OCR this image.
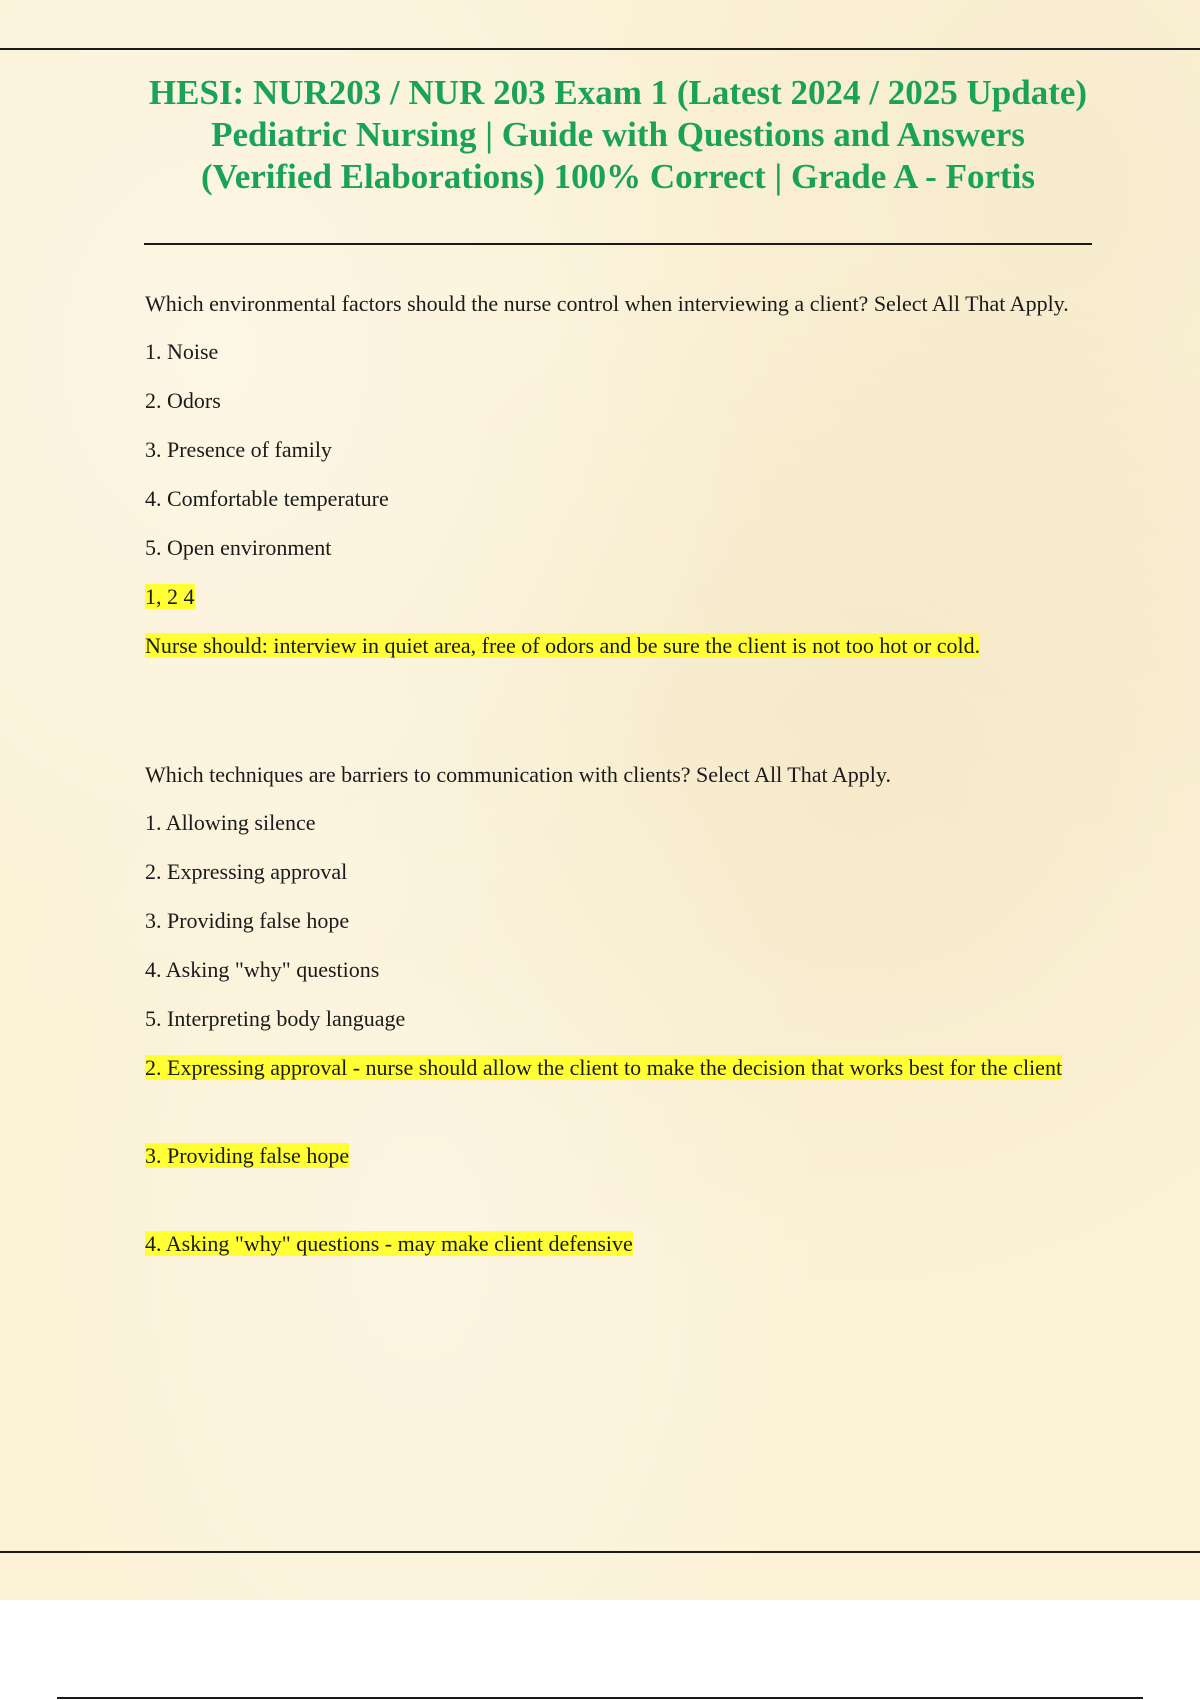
HESI: NUR203 / NUR 203 Exam 1 (Latest 2024 / 2025 Update) Pediatric Nursing | Guide with Questions and Answers (Verified Elaborations) 100% Correct | Grade A - Fortis

Which environmental factors should the nurse control when interviewing a client? Select All That Apply.

1. Noise

2. Odors

3. Presence of family

4. Comfortable temperature

5. Open environment

1, 2 4

Nurse should: interview in quiet area, free of odors and be sure the client is not too hot or cold.

Which techniques are barriers to communication with clients? Select All That Apply.

1. Allowing silence

2. Expressing approval

3. Providing false hope

4. Asking "why" questions

5. Interpreting body language

2. Expressing approval - nurse should allow the client to make the decision that works best for the client

3. Providing false hope

4. Asking "why" questions - may make client defensive
